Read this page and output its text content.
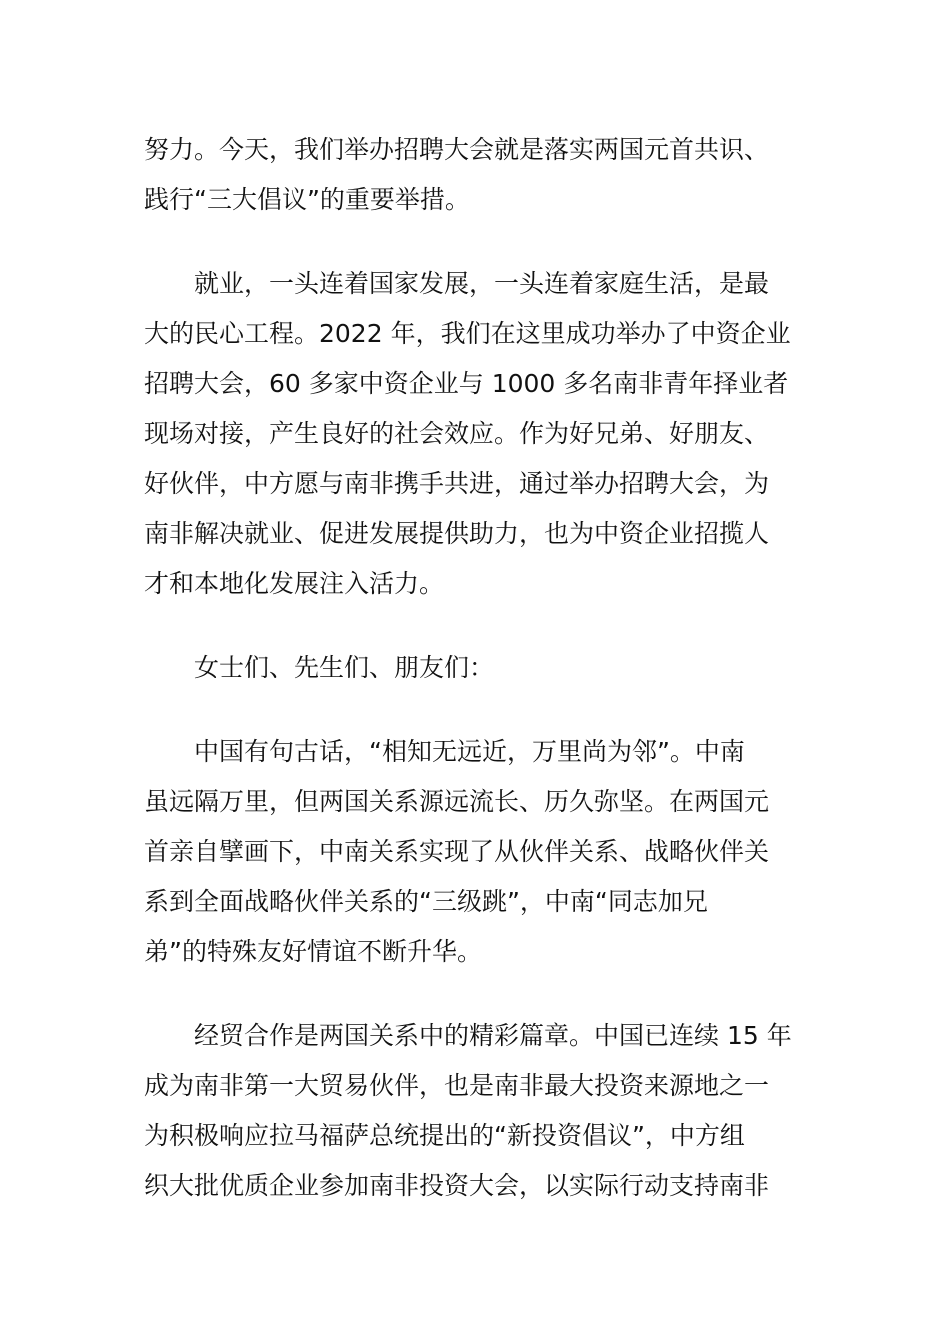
努力。今天，我们举办招聘大会就是落实两国元首共识、
践行“三大倡议”的重要举措。

就业，一头连着国家发展，一头连着家庭生活，是最
大的民心工程。2022 年，我们在这里成功举办了中资企业
招聘大会，60 多家中资企业与 1000 多名南非青年择业者
现场对接，产生良好的社会效应。作为好兄弟、好朋友、
好伙伴，中方愿与南非携手共进，通过举办招聘大会，为
南非解决就业、促进发展提供助力，也为中资企业招揽人
才和本地化发展注入活力。

女士们、先生们、朋友们：

中国有句古话，“相知无远近，万里尚为邻”。中南
虽远隔万里，但两国关系源远流长、历久弥坚。在两国元
首亲自擘画下，中南关系实现了从伙伴关系、战略伙伴关
系到全面战略伙伴关系的“三级跳”，中南“同志加兄
弟”的特殊友好情谊不断升华。

经贸合作是两国关系中的精彩篇章。中国已连续 15 年
成为南非第一大贸易伙伴，也是南非最大投资来源地之一
为积极响应拉马福萨总统提出的“新投资倡议”，中方组
织大批优质企业参加南非投资大会，以实际行动支持南非
